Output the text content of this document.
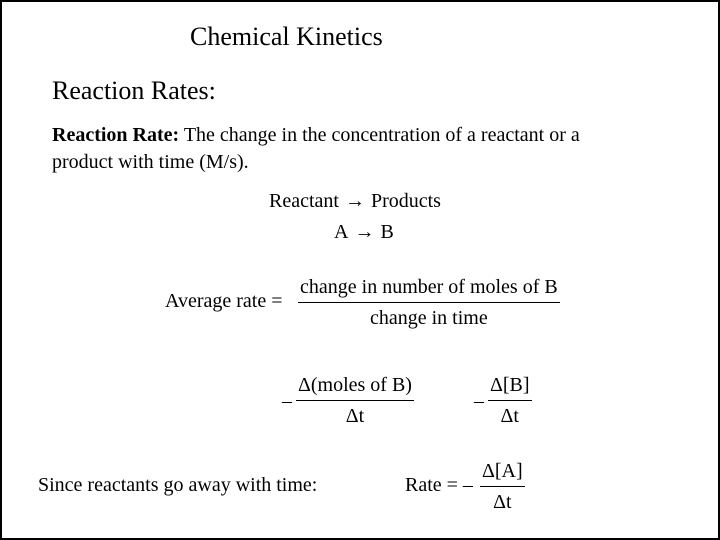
Chemical Kinetics
Reaction Rates:
Reaction Rate: The change in the concentration of a reactant or a
product with time (M/s).
Reactant → Products
A → B
Average rate = $\frac{\text{change in number of moles of B}}{\text{change in time}}$
– $\frac{\text{Δ(moles of B)}}{\Delta t}$	– $\frac{\Delta[B]}{\Delta t}$
Since reactants go away with time:	Rate = – $\frac{\Delta[A]}{\Delta t}$
